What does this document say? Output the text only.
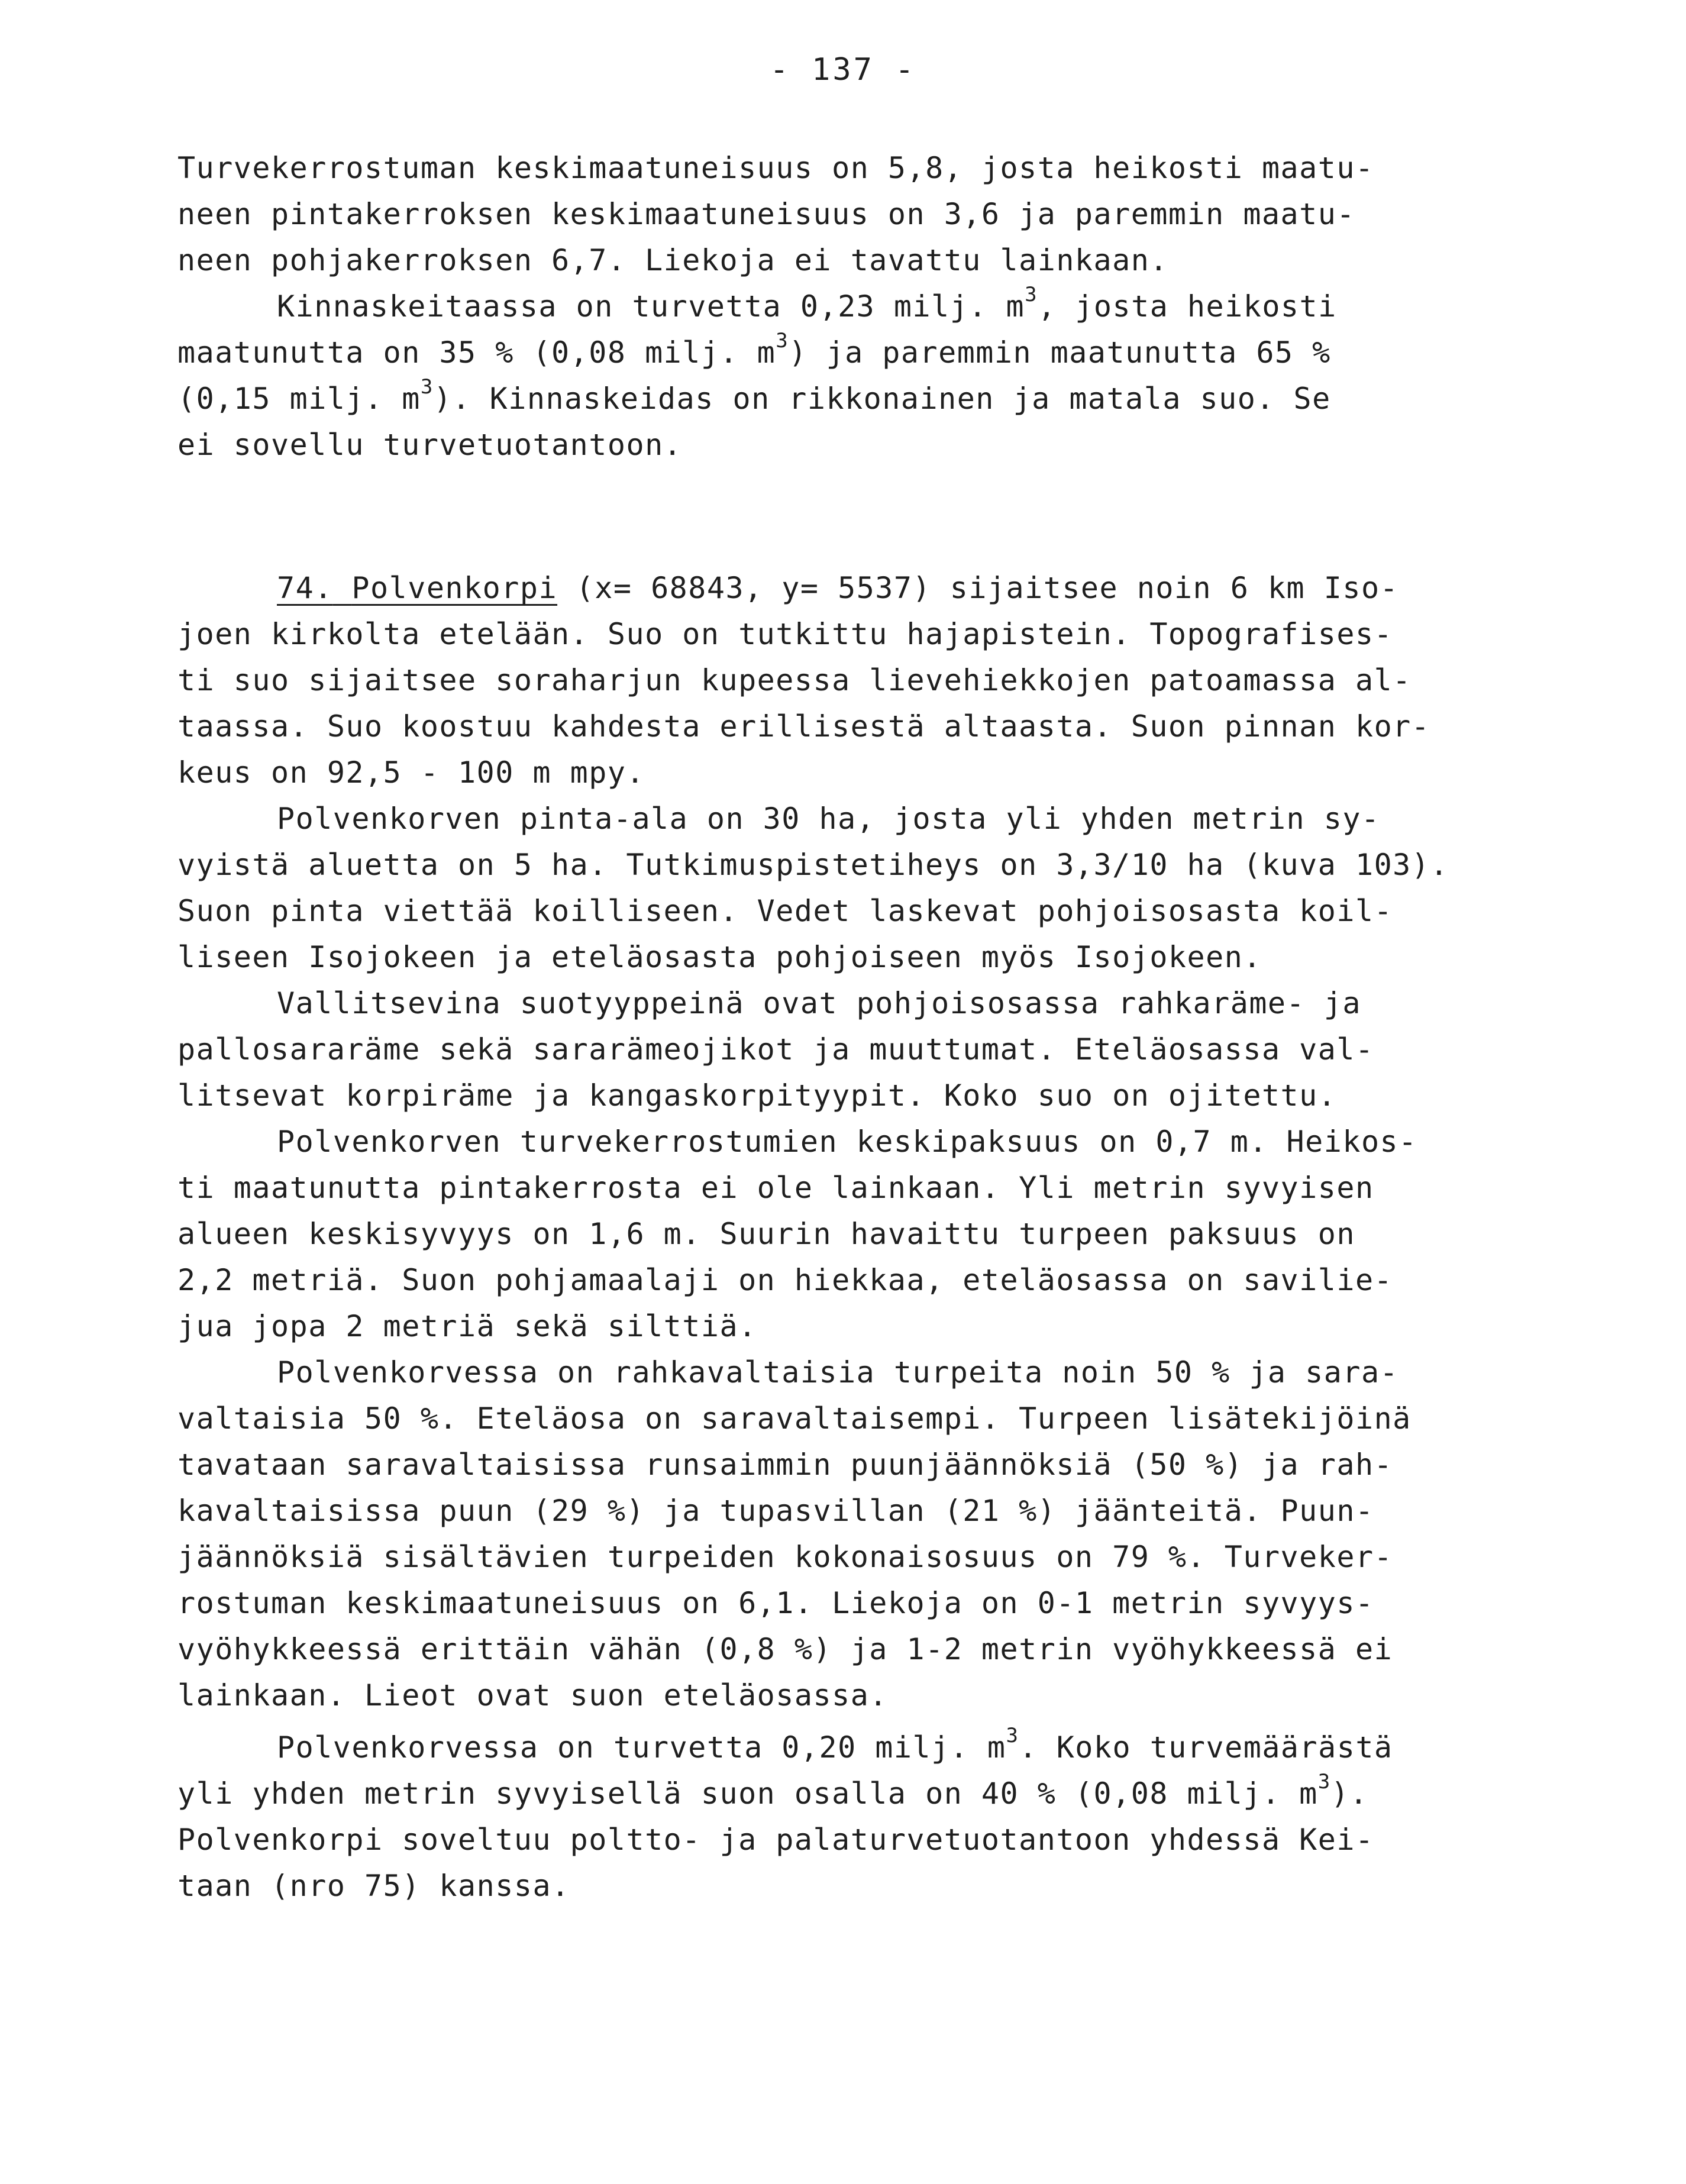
- 137 -
Turvekerrostuman keskimaatuneisuus on 5,8, josta heikosti maatu-
neen pintakerroksen keskimaatuneisuus on 3,6 ja paremmin maatu-
neen pohjakerroksen 6,7. Liekoja ei tavattu lainkaan.
Kinnaskeitaassa on turvetta 0,23 milj. $m^3$, josta heikosti
maatunutta on 35 % (0,08 milj. $m^3$) ja paremmin maatunutta 65 %
(0,15 milj. $m^3$). Kinnaskeidas on rikkonainen ja matala suo. Se
ei sovellu turvetuotantoon.
74. Polvenkorpi (x= 68843, y= 5537) sijaitsee noin 6 km Iso-
joen kirkolta etelään. Suo on tutkittu hajapistein. Topografises-
ti suo sijaitsee soraharjun kupeessa lievehiekkojen patoamassa al-
taassa. Suo koostuu kahdesta erillisestä altaasta. Suon pinnan kor-
keus on 92,5 - 100 m mpy.
Polvenkorven pinta-ala on 30 ha, josta yli yhden metrin sy-
vyistä aluetta on 5 ha. Tutkimuspistetiheys on 3,3/10 ha (kuva 103).
Suon pinta viettää koilliseen. Vedet laskevat pohjoisosasta koil-
liseen Isojokeen ja eteläosasta pohjoiseen myös Isojokeen.
Vallitsevina suotyyppeinä ovat pohjoisosassa rahkaräme- ja
pallosararäme sekä sararämeojikot ja muuttumat. Eteläosassa val-
litsevat korpiräme ja kangaskorpityypit. Koko suo on ojitettu.
Polvenkorven turvekerrostumien keskipaksuus on 0,7 m. Heikos-
ti maatunutta pintakerrosta ei ole lainkaan. Yli metrin syvyisen
alueen keskisyvyys on 1,6 m. Suurin havaittu turpeen paksuus on
2,2 metriä. Suon pohjamaalaji on hiekkaa, eteläosassa on savilie-
jua jopa 2 metriä sekä silttiä.
Polvenkorvessa on rahkavaltaisia turpeita noin 50 % ja sara-
valtaisia 50 %. Eteläosa on saravaltaisempi. Turpeen lisätekijöinä
tavataan saravaltaisissa runsaimmin puunjäännöksiä (50 %) ja rah-
kavaltaisissa puun (29 %) ja tupasvillan (21 %) jäänteitä. Puun-
jäännöksiä sisältävien turpeiden kokonaisosuus on 79 %. Turveker-
rostuman keskimaatuneisuus on 6,1. Liekoja on 0-1 metrin syvyys-
vyöhykkeessä erittäin vähän (0,8 %) ja 1-2 metrin vyöhykkeessä ei
lainkaan. Lieot ovat suon eteläosassa.
Polvenkorvessa on turvetta 0,20 milj. $m^3$. Koko turvemäärästä
yli yhden metrin syvyisellä suon osalla on 40 % (0,08 milj. $m^3$).
Polvenkorpi soveltuu poltto- ja palaturvetuotantoon yhdessä Kei-
taan (nro 75) kanssa.
